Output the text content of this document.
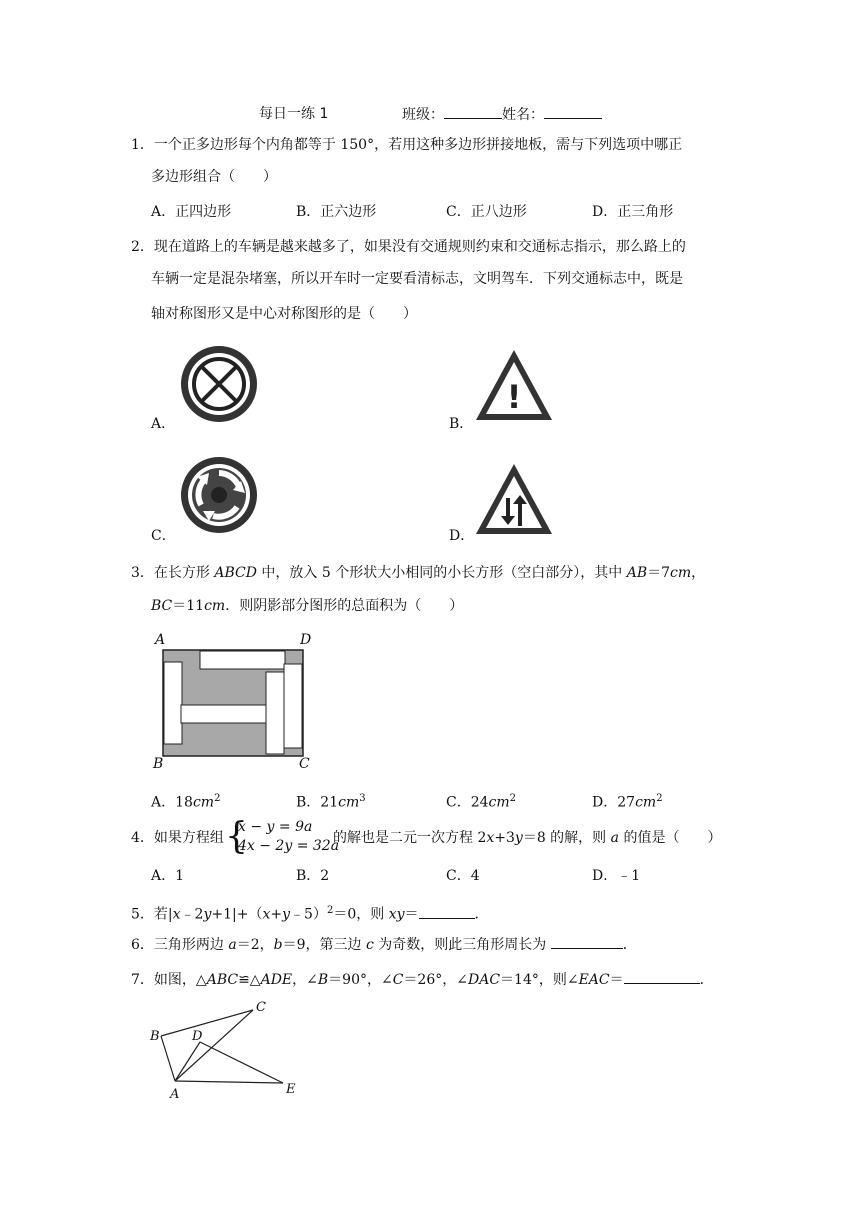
每日一练 1	班级：	姓名：
1．一个正多边形每个内角都等于 150°，若用这种多边形拼接地板，需与下列选项中哪正
多边形组合（　　）
A．正四边形	B．正六边形	C．正八边形	D．正三角形
2．现在道路上的车辆是越来越多了，如果没有交通规则约束和交通标志指示，那么路上的
车辆一定是混杂堵塞，所以开车时一定要看清标志，文明驾车．下列交通标志中，既是
轴对称图形又是中心对称图形的是（　　）
A．	B．
C．	D．
!
3．在长方形 ABCD 中，放入 5 个形状大小相同的小长方形（空白部分），其中 AB＝7cm，
BC＝11cm．则阴影部分图形的总面积为（　　）
A	D
B	C
A．$18cm^2$	B．$21cm^3$	C．$24cm^2$	D．$27cm^2$
4．如果方程组 {
x − y = 9a
4x − 2y = 32a
的解也是二元一次方程 2x+3y＝8 的解，则 a 的值是（　　）
A．1	B．2	C．4	D．﹣1
5．若|x﹣2y+1|+（x+y﹣5）$^2$＝0，则 xy＝	．
6．三角形两边 a＝2，b＝9，第三边 c 为奇数，则此三角形周长为	．
7．如图，△ABC≌△ADE，∠B＝90°，∠C＝26°，∠DAC＝14°，则∠EAC＝	．
B
C
D
A	E
